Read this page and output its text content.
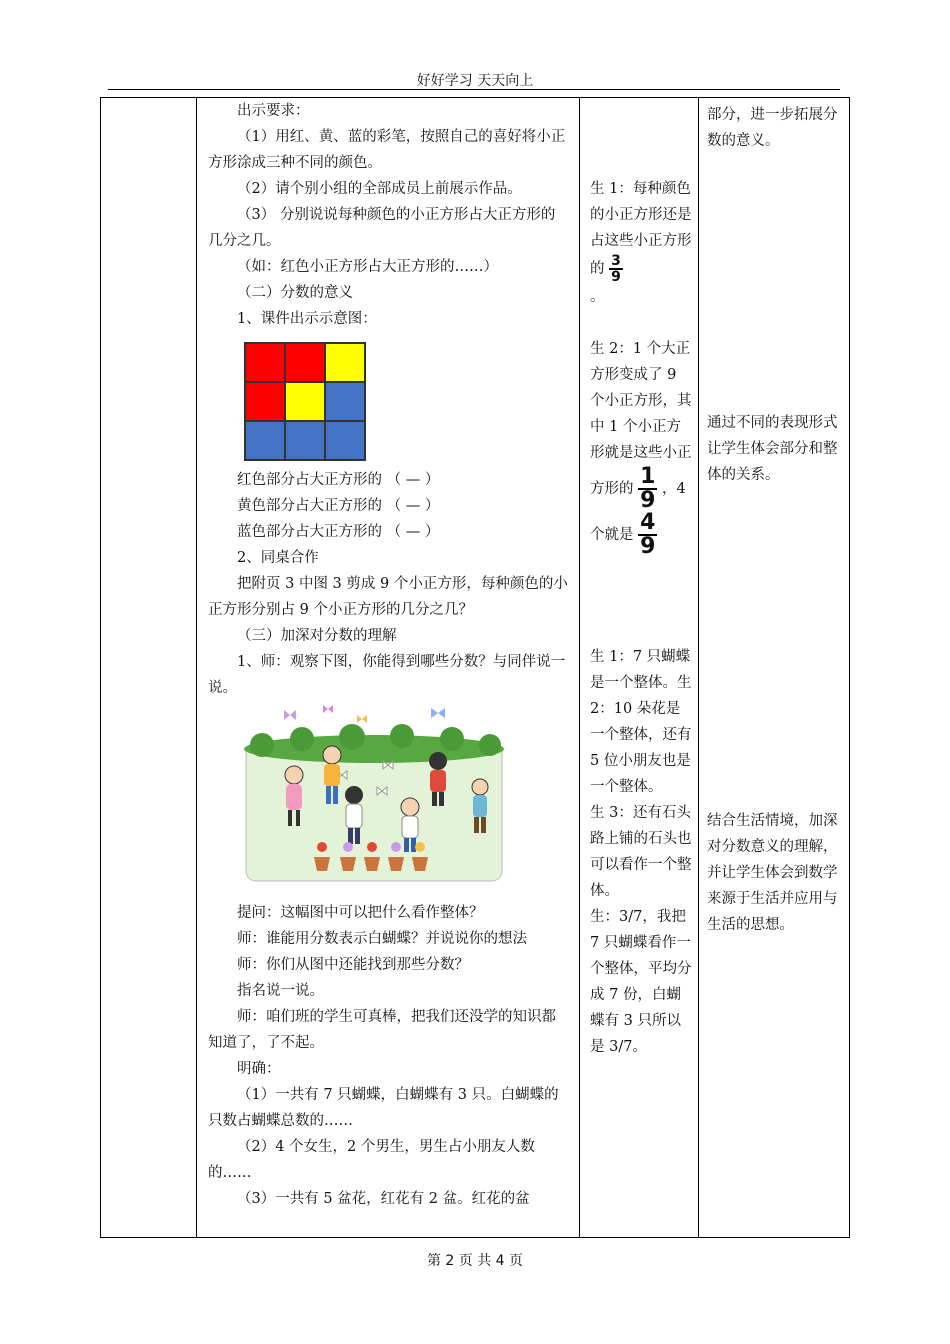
好好学习 天天向上

出示要求：

（1）用红、黄、蓝的彩笔，按照自己的喜好将小正方形涂成三种不同的颜色。

（2）请个别小组的全部成员上前展示作品。

（3） 分别说说每种颜色的小正方形占大正方形的几分之几。

（如：红色小正方形占大正方形的……）

（二）分数的意义

1、课件出示示意图：

红色部分占大正方形的 （ — ）

黄色部分占大正方形的 （ — ）

蓝色部分占大正方形的 （ — ）

2、同桌合作

把附页 3 中图 3 剪成 9 个小正方形，每种颜色的小正方形分别占 9 个小正方形的几分之几？

（三）加深对分数的理解

1、师：观察下图，你能得到哪些分数？与同伴说一说。

提问：这幅图中可以把什么看作整体？

师：谁能用分数表示白蝴蝶？并说说你的想法

师：你们从图中还能找到那些分数？

指名说一说。

师：咱们班的学生可真棒，把我们还没学的知识都知道了，了不起。

明确：

（1）一共有 7 只蝴蝶，白蝴蝶有 3 只。白蝴蝶的只数占蝴蝶总数的……

（2）4 个女生，2 个男生，男生占小朋友人数的……

（3）一共有 5 盆花，红花有 2 盆。红花的盆

生 1：每种颜色的小正方形还是占这些小正方形的 $\frac{3}{9}$

。

生 2：1 个大正方形变成了 9 个小正方形，其中 1 个小正方形就是这些小正方形的 $\frac{1}{9}$ ，4 个就是 $\frac{4}{9}$

生 1：7 只蝴蝶是一个整体。生 2：10 朵花是一个整体，还有 5 位小朋友也是一个整体。

生 3：还有石头路上铺的石头也可以看作一个整体。

生：3/7，我把 7 只蝴蝶看作一个整体，平均分成 7 份，白蝴蝶有 3 只所以是 3/7。

部分，进一步拓展分数的意义。

通过不同的表现形式让学生体会部分和整体的关系。

结合生活情境，加深对分数意义的理解，并让学生体会到数学来源于生活并应用与生活的思想。

第 2 页 共 4 页
